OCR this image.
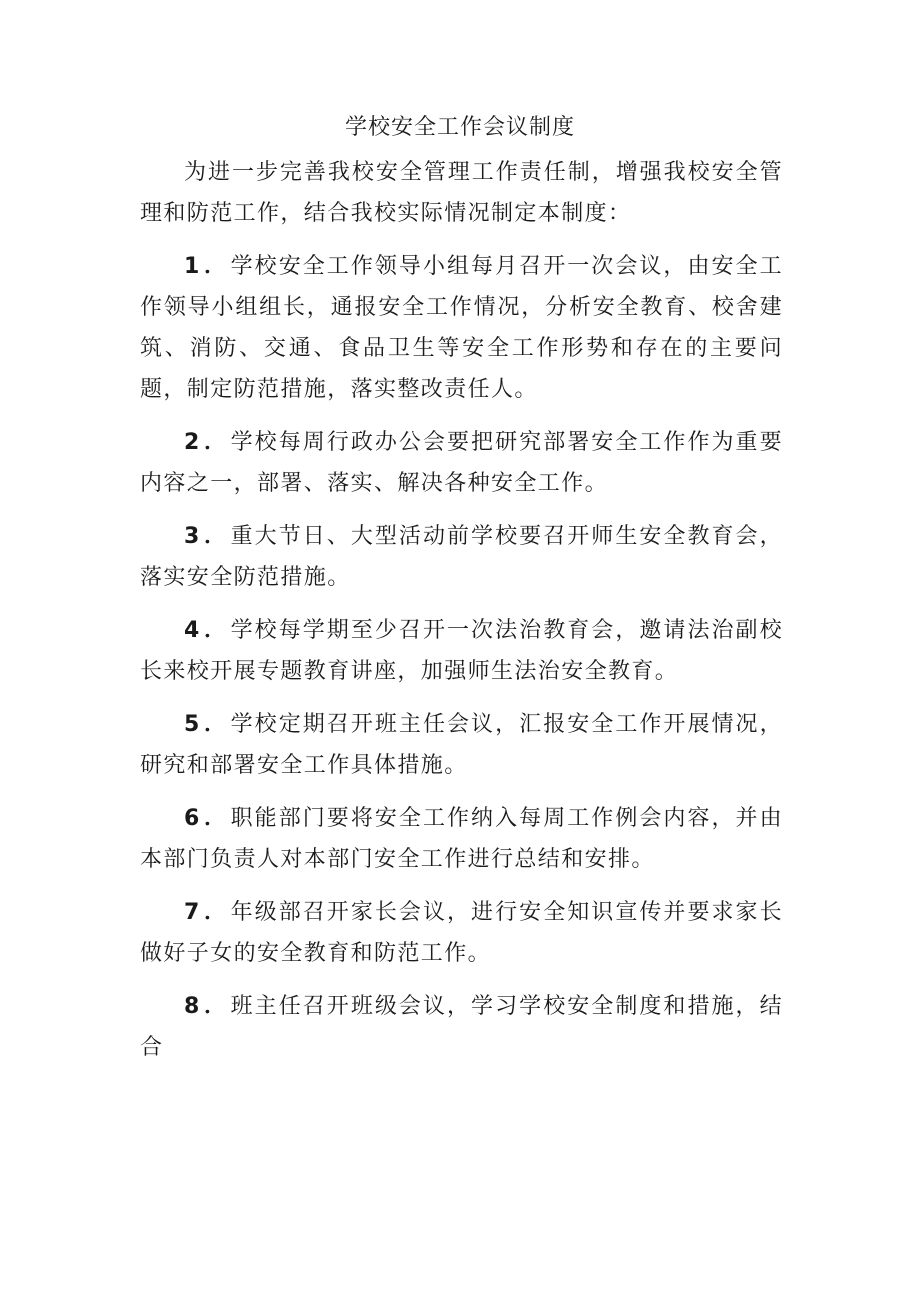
学校安全工作会议制度

为进一步完善我校安全管理工作责任制，增强我校安全管理和防范工作，结合我校实际情况制定本制度：

1．学校安全工作领导小组每月召开一次会议，由安全工作领导小组组长，通报安全工作情况，分析安全教育、校舍建筑、消防、交通、食品卫生等安全工作形势和存在的主要问题，制定防范措施，落实整改责任人。

2．学校每周行政办公会要把研究部署安全工作作为重要内容之一，部署、落实、解决各种安全工作。

3．重大节日、大型活动前学校要召开师生安全教育会，落实安全防范措施。

4．学校每学期至少召开一次法治教育会，邀请法治副校长来校开展专题教育讲座，加强师生法治安全教育。

5．学校定期召开班主任会议，汇报安全工作开展情况，研究和部署安全工作具体措施。

6．职能部门要将安全工作纳入每周工作例会内容，并由本部门负责人对本部门安全工作进行总结和安排。

7．年级部召开家长会议，进行安全知识宣传并要求家长做好子女的安全教育和防范工作。

8．班主任召开班级会议，学习学校安全制度和措施，结合
